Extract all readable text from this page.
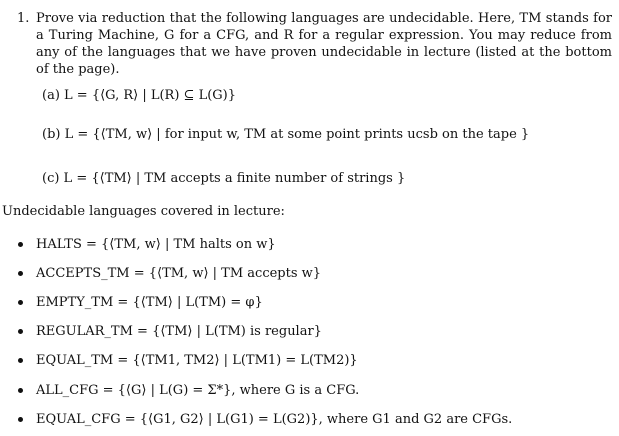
1. Prove via reduction that the following languages are undecidable. Here, TM stands for a Turing Machine, G for a CFG, and R for a regular expression. You may reduce from any of the languages that we have proven undecidable in lecture (listed at the bottom of the page).
(a) L = {⟨G, R⟩ | L(R) ⊆ L(G)}
(b) L = {⟨TM, w⟩ | for input w, TM at some point prints ucsb on the tape }
(c) L = {⟨TM⟩ | TM accepts a finite number of strings }
Undecidable languages covered in lecture:
HALTS = {⟨TM, w⟩ | TM halts on w}
ACCEPTS_TM = {⟨TM, w⟩ | TM accepts w}
EMPTY_TM = {⟨TM⟩ | L(TM) = φ}
REGULAR_TM = {⟨TM⟩ | L(TM) is regular}
EQUAL_TM = {⟨TM1, TM2⟩ | L(TM1) = L(TM2)}
ALL_CFG = {⟨G⟩ | L(G) = Σ*}, where G is a CFG.
EQUAL_CFG = {⟨G1, G2⟩ | L(G1) = L(G2)}, where G1 and G2 are CFGs.
